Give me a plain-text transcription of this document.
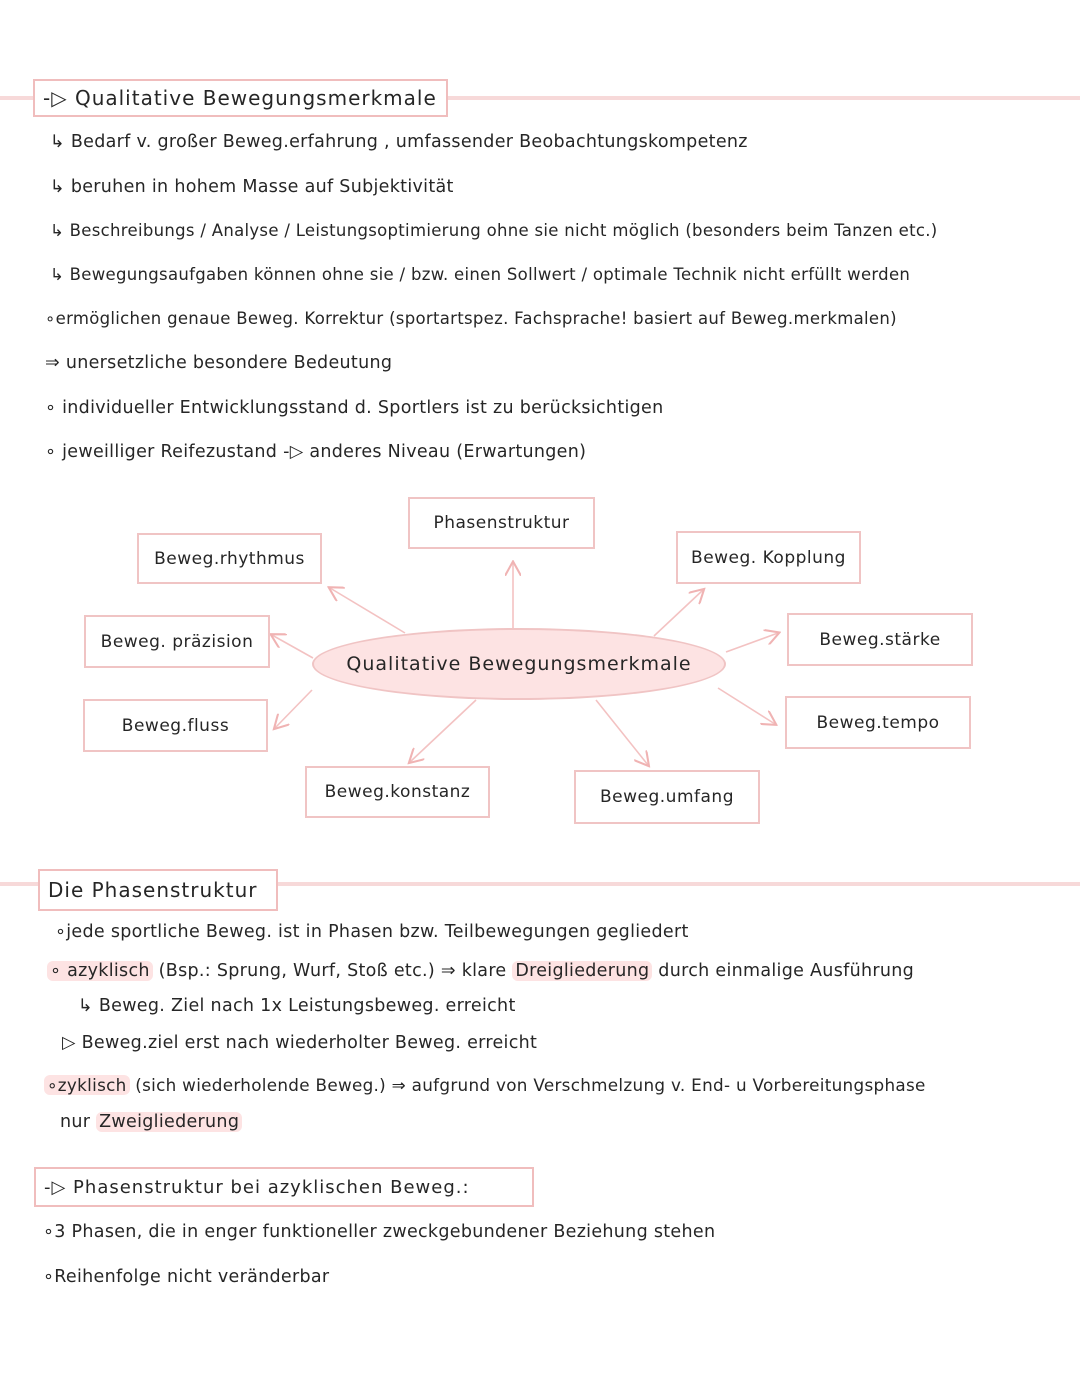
-▷ Qualitative Bewegungsmerkmale
↳ Bedarf v. großer Beweg.erfahrung , umfassender Beobachtungskompetenz
↳ beruhen in hohem Masse auf Subjektivität
↳ Beschreibungs / Analyse / Leistungsoptimierung ohne sie nicht möglich (besonders beim Tanzen etc.)
↳ Bewegungsaufgaben können ohne sie / bzw. einen Sollwert / optimale Technik nicht erfüllt werden
∘ermöglichen genaue Beweg. Korrektur (sportartspez. Fachsprache! basiert auf Beweg.merkmalen)
⇒ unersetzliche besondere Bedeutung
∘ individueller Entwicklungsstand d. Sportlers ist zu berücksichtigen
∘ jeweilliger Reifezustand -▷ anderes Niveau (Erwartungen)
Qualitative Bewegungsmerkmale
Phasenstruktur
Beweg.rhythmus	Beweg. Kopplung
Beweg. präzision	Beweg.stärke
Beweg.fluss	Beweg.tempo
Beweg.konstanz	Beweg.umfang
Die Phasenstruktur
∘jede sportliche Beweg. ist in Phasen bzw. Teilbewegungen gegliedert
∘ azyklisch (Bsp.: Sprung, Wurf, Stoß etc.) ⇒ klare Dreigliederung durch einmalige Ausführung
↳ Beweg. Ziel nach 1x Leistungsbeweg. erreicht
▷ Beweg.ziel erst nach wiederholter Beweg. erreicht
∘zyklisch (sich wiederholende Beweg.) ⇒ aufgrund von Verschmelzung v. End- u Vorbereitungsphase
nur Zweigliederung
-▷ Phasenstruktur bei azyklischen Beweg.:
∘3 Phasen, die in enger funktioneller zweckgebundener Beziehung stehen
∘Reihenfolge nicht veränderbar
